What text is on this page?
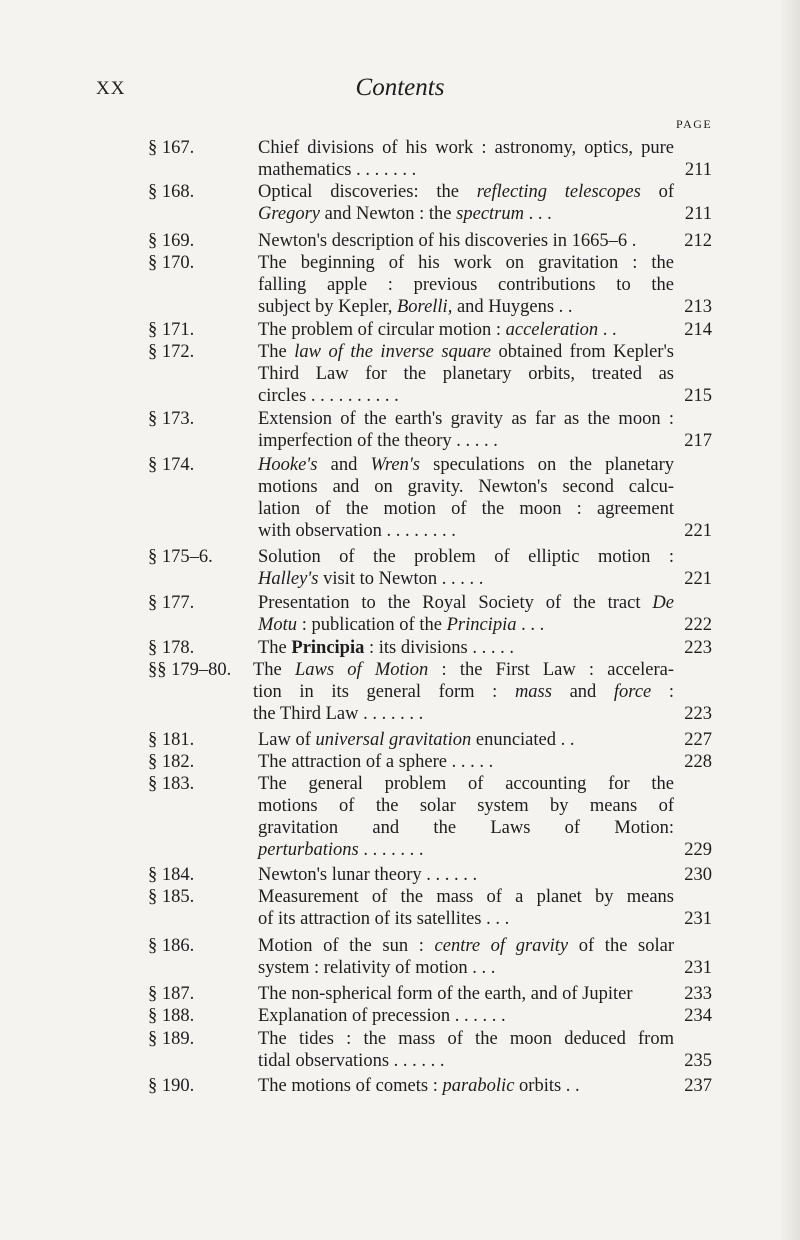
XX	Contents
PAGE
§ 167.	Chief divisions of his work : astronomy, optics, pure
mathematics . . . . . . .	211
§ 168.	Optical discoveries: the reflecting telescopes of
Gregory and Newton : the spectrum . . .	211
§ 169.	Newton's description of his discoveries in 1665–6 .	212
§ 170.	The beginning of his work on gravitation : the
falling apple : previous contributions to the
subject by Kepler, Borelli, and Huygens . .	213
§ 171.	The problem of circular motion : acceleration . .	214
§ 172.	The law of the inverse square obtained from Kepler's
Third Law for the planetary orbits, treated as
circles . . . . . . . . . .	215
§ 173.	Extension of the earth's gravity as far as the moon :
imperfection of the theory . . . . .	217
§ 174.	Hooke's and Wren's speculations on the planetary
motions and on gravity. Newton's second calcu-
lation of the motion of the moon : agreement
with observation . . . . . . . .	221
§ 175–6. Solution of the problem of elliptic motion :
Halley's visit to Newton . . . . .	221
§ 177.	Presentation to the Royal Society of the tract De
Motu : publication of the Principia . . .	222
§ 178.	The Principia : its divisions . . . . .	223
§§ 179–80. The Laws of Motion : the First Law : accelera-
tion in its general form : mass and force :
the Third Law . . . . . . .	223
§ 181.	Law of universal gravitation enunciated . .	227
§ 182.	The attraction of a sphere . . . . .	228
§ 183.	The general problem of accounting for the
motions of the solar system by means of
gravitation and the Laws of Motion:
perturbations . . . . . . .	229
§ 184.	Newton's lunar theory . . . . . .	230
§ 185.	Measurement of the mass of a planet by means
of its attraction of its satellites . . .	231
§ 186.	Motion of the sun : centre of gravity of the solar
system : relativity of motion . . .	231
§ 187.	The non-spherical form of the earth, and of Jupiter	233
§ 188.	Explanation of precession . . . . . .	234
§ 189.	The tides : the mass of the moon deduced from
tidal observations . . . . . .	235
§ 190.	The motions of comets : parabolic orbits . .	237
